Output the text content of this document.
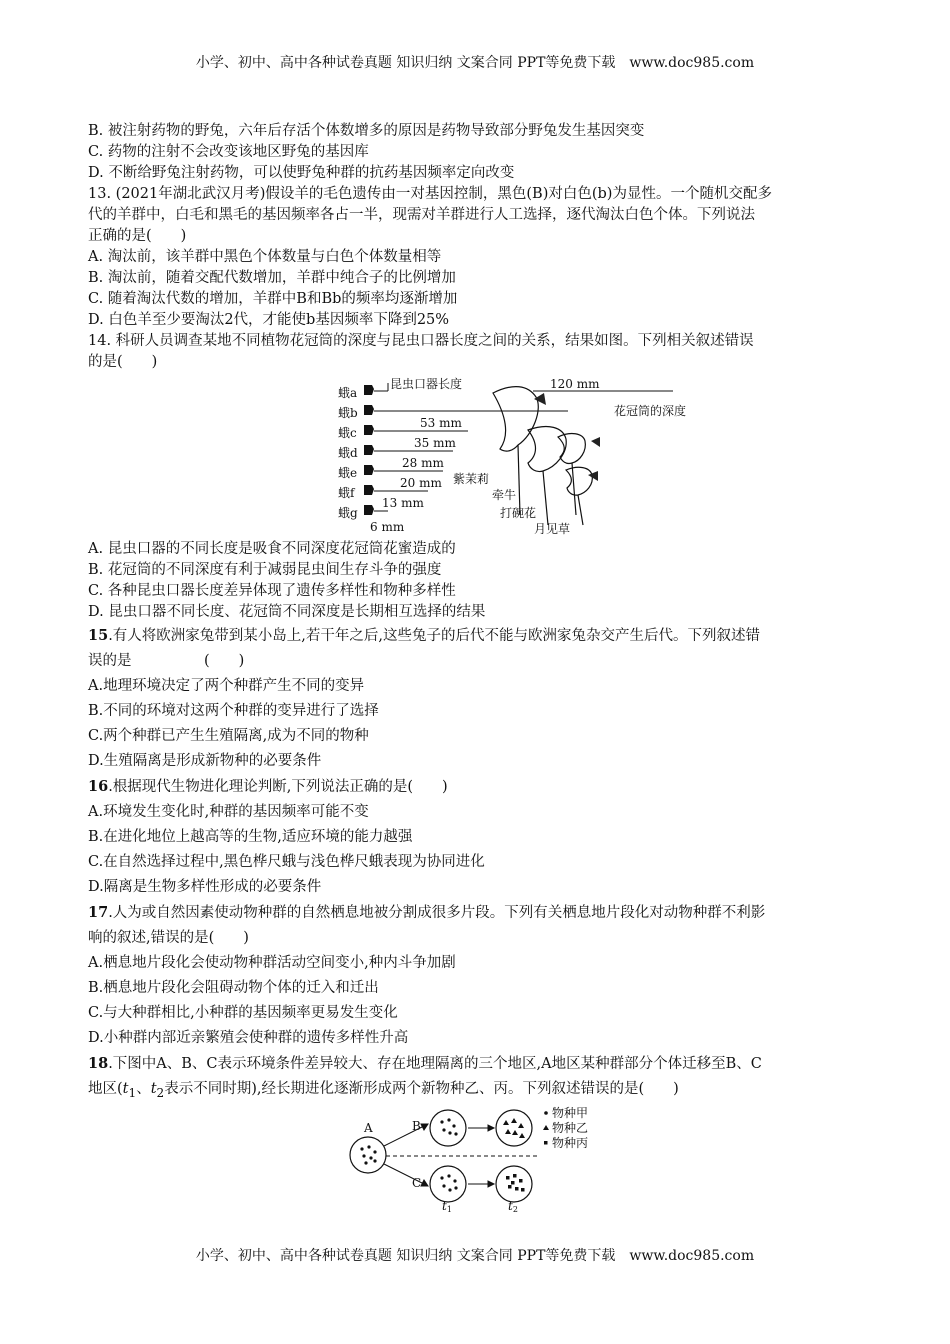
小学、初中、高中各种试卷真题 知识归纳 文案合同 PPT等免费下载　www.doc985.com
B. 被注射药物的野兔，六年后存活个体数增多的原因是药物导致部分野兔发生基因突变
C. 药物的注射不会改变该地区野兔的基因库
D. 不断给野兔注射药物，可以使野兔种群的抗药基因频率定向改变
13. (2021年湖北武汉月考)假设羊的毛色遗传由一对基因控制，黑色(B)对白色(b)为显性。一个随机交配多
代的羊群中，白毛和黑毛的基因频率各占一半，现需对羊群进行人工选择，逐代淘汰白色个体。下列说法
正确的是(　　)
A. 淘汰前，该羊群中黑色个体数量与白色个体数量相等
B. 淘汰前，随着交配代数增加，羊群中纯合子的比例增加
C. 随着淘汰代数的增加，羊群中B和Bb的频率均逐渐增加
D. 白色羊至少要淘汰2代，才能使b基因频率下降到25%
14. 科研人员调查某地不同植物花冠筒的深度与昆虫口器长度之间的关系，结果如图。下列相关叙述错误
的是(　　)
蛾a
蛾b
蛾c
蛾d
蛾e
蛾f
蛾g
昆虫口器长度	120 mm
花冠筒的深度
53 mm
35 mm
28 mm
20 mm
13 mm
6 mm
紫茉莉
牵牛
打碗花
月见草
A. 昆虫口器的不同长度是吸食不同深度花冠筒花蜜造成的
B. 花冠筒的不同深度有利于减弱昆虫间生存斗争的强度
C. 各种昆虫口器长度差异体现了遗传多样性和物种多样性
D. 昆虫口器不同长度、花冠筒不同深度是长期相互选择的结果
15.有人将欧洲家兔带到某小岛上,若干年之后,这些兔子的后代不能与欧洲家兔杂交产生后代。下列叙述错
误的是　　　　　(　　)
A.地理环境决定了两个种群产生不同的变异
B.不同的环境对这两个种群的变异进行了选择
C.两个种群已产生生殖隔离,成为不同的物种
D.生殖隔离是形成新物种的必要条件
16.根据现代生物进化理论判断,下列说法正确的是(　　)
A.环境发生变化时,种群的基因频率可能不变
B.在进化地位上越高等的生物,适应环境的能力越强
C.在自然选择过程中,黑色桦尺蛾与浅色桦尺蛾表现为协同进化
D.隔离是生物多样性形成的必要条件
17.人为或自然因素使动物种群的自然栖息地被分割成很多片段。下列有关栖息地片段化对动物种群不利影
响的叙述,错误的是(　　)
A.栖息地片段化会使动物种群活动空间变小,种内斗争加剧
B.栖息地片段化会阻碍动物个体的迁入和迁出
C.与大种群相比,小种群的基因频率更易发生变化
D.小种群内部近亲繁殖会使种群的遗传多样性升高
18.下图中A、B、C表示环境条件差异较大、存在地理隔离的三个地区,A地区某种群部分个体迁移至B、C
地区($t_1$、$t_2$表示不同时期),经长期进化逐渐形成两个新物种乙、丙。下列叙述错误的是(　　)
A	B
C
t1	t2
物种甲
物种乙
物种丙
小学、初中、高中各种试卷真题 知识归纳 文案合同 PPT等免费下载　www.doc985.com
